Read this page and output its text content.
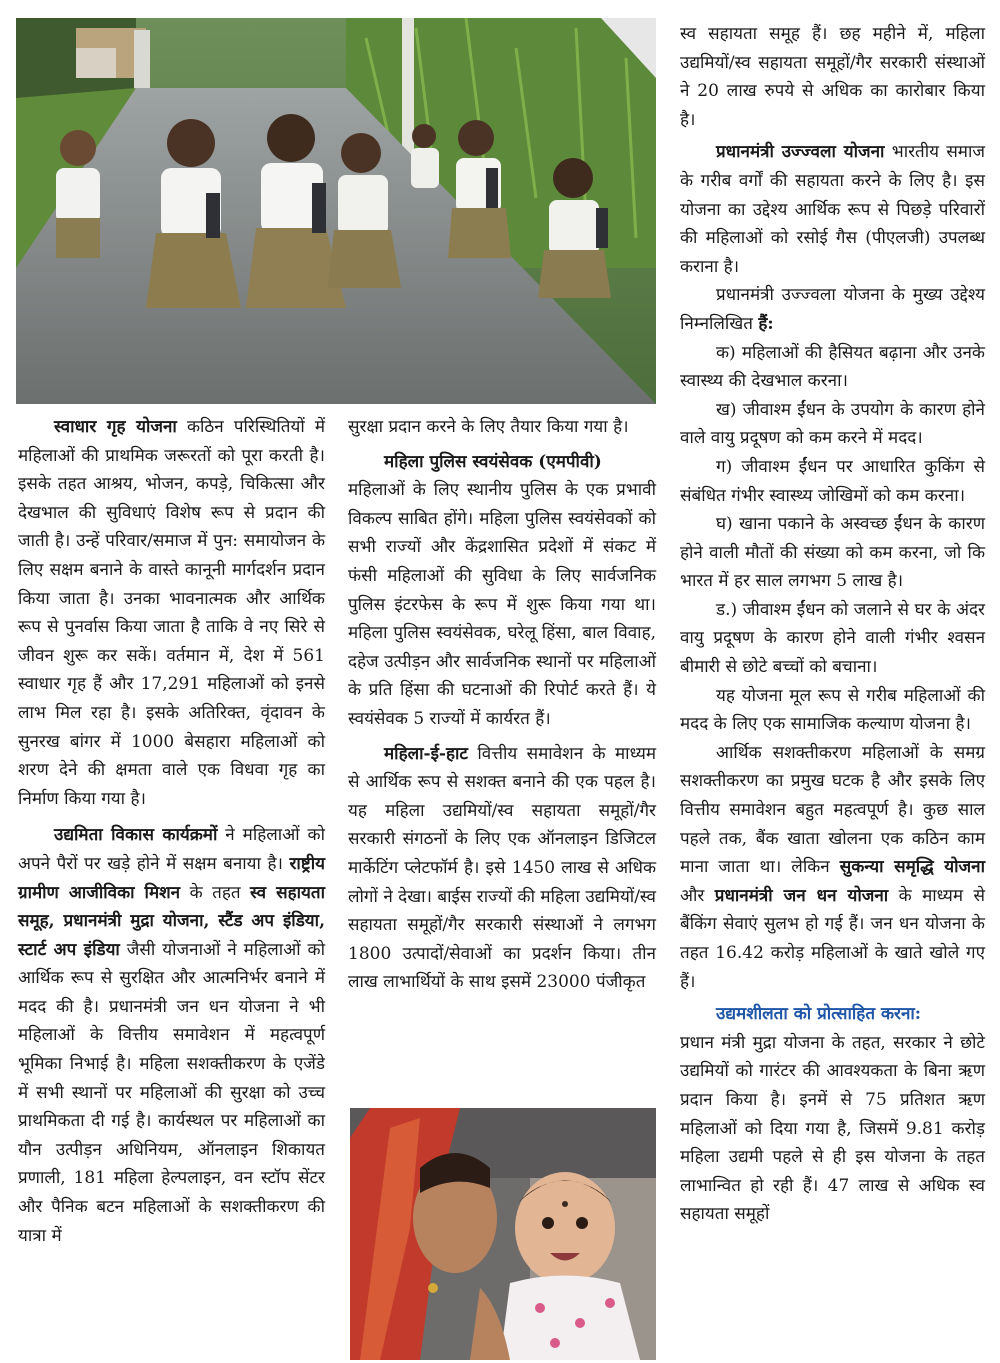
स्व सहायता समूह हैं। छह महीने में, महिला उद्यमियों/स्व सहायता समूहों/गैर सरकारी संस्थाओं ने 20 लाख रुपये से अधिक का कारोबार किया है।

प्रधानमंत्री उज्ज्वला योजना भारतीय समाज के गरीब वर्गों की सहायता करने के लिए है। इस योजना का उद्देश्य आर्थिक रूप से पिछड़े परिवारों की महिलाओं को रसोई गैस (पीएलजी) उपलब्ध कराना है।

प्रधानमंत्री उज्ज्वला योजना के मुख्य उद्देश्य निम्नलिखित हैं:

क) महिलाओं की हैसियत बढ़ाना और उनके स्वास्थ्य की देखभाल करना।

ख) जीवाश्म ईंधन के उपयोग के कारण होने वाले वायु प्रदूषण को कम करने में मदद।

ग) जीवाश्म ईंधन पर आधारित कुकिंग से संबंधित गंभीर स्वास्थ्य जोखिमों को कम करना।

घ) खाना पकाने के अस्वच्छ ईंधन के कारण होने वाली मौतों की संख्या को कम करना, जो कि भारत में हर साल लगभग 5 लाख है।

ड.) जीवाश्म ईंधन को जलाने से घर के अंदर वायु प्रदूषण के कारण होने वाली गंभीर श्वसन बीमारी से छोटे बच्चों को बचाना।

यह योजना मूल रूप से गरीब महिलाओं की मदद के लिए एक सामाजिक कल्याण योजना है।

आर्थिक सशक्तीकरण महिलाओं के समग्र सशक्तीकरण का प्रमुख घटक है और इसके लिए वित्तीय समावेशन बहुत महत्वपूर्ण है। कुछ साल पहले तक, बैंक खाता खोलना एक कठिन काम माना जाता था। लेकिन सुकन्या समृद्धि योजना और प्रधानमंत्री जन धन योजना के माध्यम से बैंकिंग सेवाएं सुलभ हो गई हैं। जन धन योजना के तहत 16.42 करोड़ महिलाओं के खाते खोले गए हैं।

उद्यमशीलता को प्रोत्साहित करना:

प्रधान मंत्री मुद्रा योजना के तहत, सरकार ने छोटे उद्यमियों को गारंटर की आवश्यकता के बिना ऋण प्रदान किया है। इनमें से 75 प्रतिशत ऋण महिलाओं को दिया गया है, जिसमें 9.81 करोड़ महिला उद्यमी पहले से ही इस योजना के तहत लाभान्वित हो रही हैं। 47 लाख से अधिक स्व सहायता समूहों

स्वाधार गृह योजना कठिन परिस्थितियों में महिलाओं की प्राथमिक जरूरतों को पूरा करती है। इसके तहत आश्रय, भोजन, कपड़े, चिकित्सा और देखभाल की सुविधाएं विशेष रूप से प्रदान की जाती है। उन्हें परिवार/समाज में पुन: समायोजन के लिए सक्षम बनाने के वास्ते कानूनी मार्गदर्शन प्रदान किया जाता है। उनका भावनात्मक और आर्थिक रूप से पुनर्वास किया जाता है ताकि वे नए सिरे से जीवन शुरू कर सकें। वर्तमान में, देश में 561 स्वाधार गृह हैं और 17,291 महिलाओं को इनसे लाभ मिल रहा है। इसके अतिरिक्त, वृंदावन के सुनरख बांगर में 1000 बेसहारा महिलाओं को शरण देने की क्षमता वाले एक विधवा गृह का निर्माण किया गया है।

उद्यमिता विकास कार्यक्रमों ने महिलाओं को अपने पैरों पर खड़े होने में सक्षम बनाया है। राष्ट्रीय ग्रामीण आजीविका मिशन के तहत स्व सहायता समूह, प्रधानमंत्री मुद्रा योजना, स्टैंड अप इंडिया, स्टार्ट अप इंडिया जैसी योजनाओं ने महिलाओं को आर्थिक रूप से सुरक्षित और आत्मनिर्भर बनाने में मदद की है। प्रधानमंत्री जन धन योजना ने भी महिलाओं के वित्तीय समावेशन में महत्वपूर्ण भूमिका निभाई है। महिला सशक्तीकरण के एजेंडे में सभी स्थानों पर महिलाओं की सुरक्षा को उच्च प्राथमिकता दी गई है। कार्यस्थल पर महिलाओं का यौन उत्पीड़न अधिनियम, ऑनलाइन शिकायत प्रणाली, 181 महिला हेल्पलाइन, वन स्टॉप सेंटर और पैनिक बटन महिलाओं के सशक्तीकरण की यात्रा में

सुरक्षा प्रदान करने के लिए तैयार किया गया है।

महिला पुलिस स्वयंसेवक (एमपीवी)

महिलाओं के लिए स्थानीय पुलिस के एक प्रभावी विकल्प साबित होंगे। महिला पुलिस स्वयंसेवकों को सभी राज्यों और केंद्रशासित प्रदेशों में संकट में फंसी महिलाओं की सुविधा के लिए सार्वजनिक पुलिस इंटरफेस के रूप में शुरू किया गया था। महिला पुलिस स्वयंसेवक, घरेलू हिंसा, बाल विवाह, दहेज उत्पीड़न और सार्वजनिक स्थानों पर महिलाओं के प्रति हिंसा की घटनाओं की रिपोर्ट करते हैं। ये स्वयंसेवक 5 राज्यों में कार्यरत हैं।

महिला-ई-हाट वित्तीय समावेशन के माध्यम से आर्थिक रूप से सशक्त बनाने की एक पहल है। यह महिला उद्यमियों/स्व सहायता समूहों/गैर सरकारी संगठनों के लिए एक ऑनलाइन डिजिटल मार्केटिंग प्लेटफॉर्म है। इसे 1450 लाख से अधिक लोगों ने देखा। बाईस राज्यों की महिला उद्यमियों/स्व सहायता समूहों/गैर सरकारी संस्थाओं ने लगभग 1800 उत्पादों/सेवाओं का प्रदर्शन किया। तीन लाख लाभार्थियों के साथ इसमें 23000 पंजीकृत
